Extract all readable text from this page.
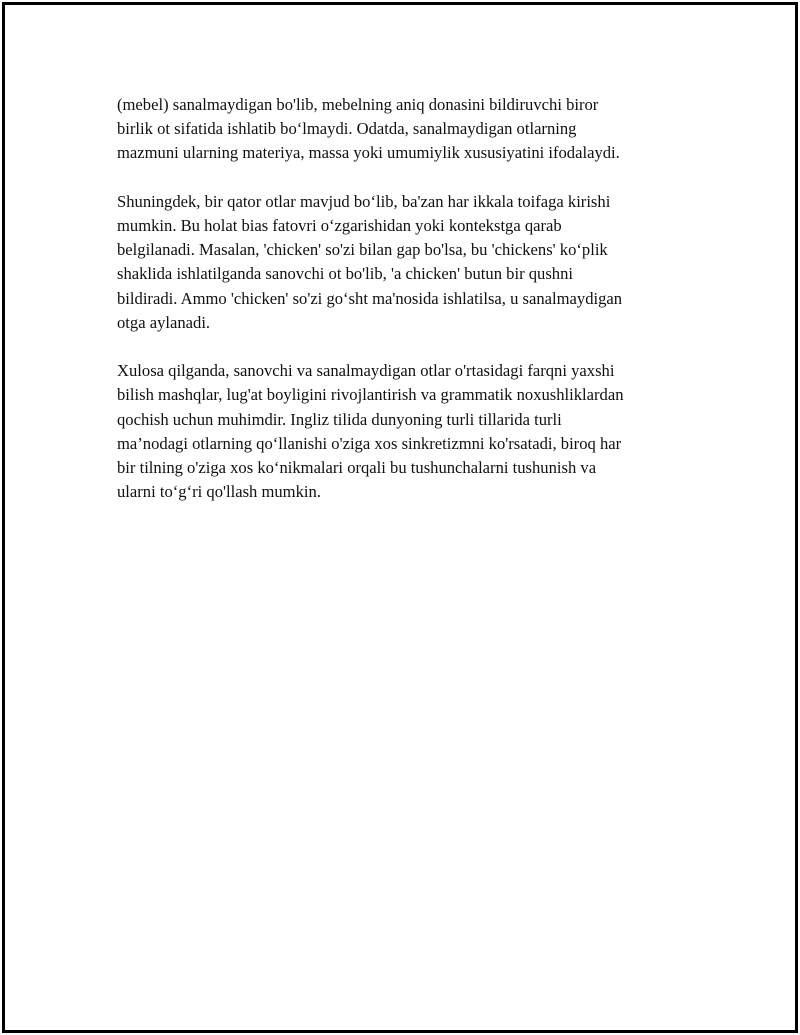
(mebel) sanalmaydigan bo'lib, mebelning aniq donasini bildiruvchi biror
birlik ot sifatida ishlatib bo‘lmaydi. Odatda, sanalmaydigan otlarning
mazmuni ularning materiya, massa yoki umumiylik xususiyatini ifodalaydi.

Shuningdek, bir qator otlar mavjud bo‘lib, ba'zan har ikkala toifaga kirishi
mumkin. Bu holat bias fatovri o‘zgarishidan yoki kontekstga qarab
belgilanadi. Masalan, 'chicken' so'zi bilan gap bo'lsa, bu 'chickens' ko‘plik
shaklida ishlatilganda sanovchi ot bo'lib, 'a chicken' butun bir qushni
bildiradi. Ammo 'chicken' so'zi go‘sht ma'nosida ishlatilsa, u sanalmaydigan
otga aylanadi.

Xulosa qilganda, sanovchi va sanalmaydigan otlar o'rtasidagi farqni yaxshi
bilish mashqlar, lug'at boyligini rivojlantirish va grammatik noxushliklardan
qochish uchun muhimdir. Ingliz tilida dunyoning turli tillarida turli
ma’nodagi otlarning qo‘llanishi o'ziga xos sinkretizmni ko'rsatadi, biroq har
bir tilning o'ziga xos ko‘nikmalari orqali bu tushunchalarni tushunish va
ularni to‘g‘ri qo'llash mumkin.
